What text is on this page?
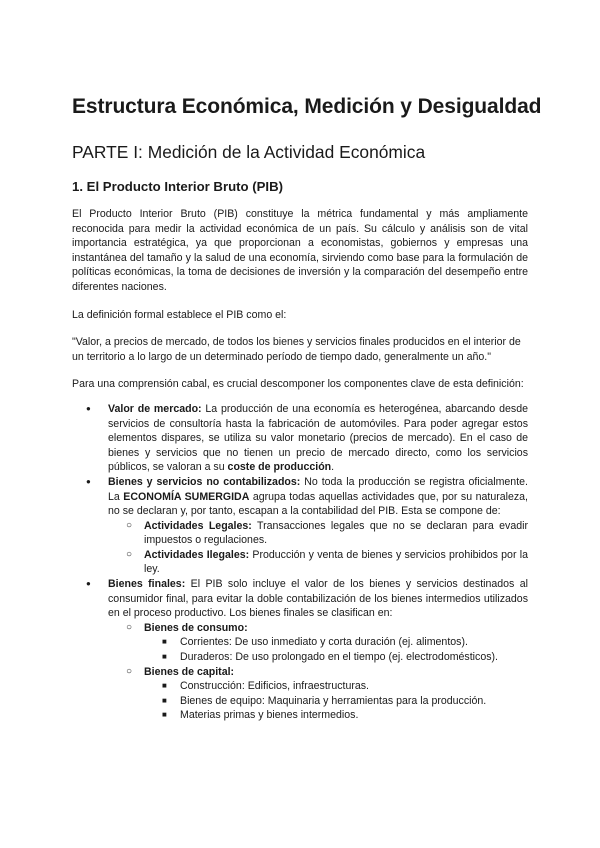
Estructura Económica, Medición y Desigualdad
PARTE I: Medición de la Actividad Económica
1. El Producto Interior Bruto (PIB)

El Producto Interior Bruto (PIB) constituye la métrica fundamental y más ampliamente reconocida para medir la actividad económica de un país. Su cálculo y análisis son de vital importancia estratégica, ya que proporcionan a economistas, gobiernos y empresas una instantánea del tamaño y la salud de una economía, sirviendo como base para la formulación de políticas económicas, la toma de decisiones de inversión y la comparación del desempeño entre diferentes naciones.

La definición formal establece el PIB como el:

"Valor, a precios de mercado, de todos los bienes y servicios finales producidos en el interior de un territorio a lo largo de un determinado período de tiempo dado, generalmente un año."

Para una comprensión cabal, es crucial descomponer los componentes clave de esta definición:

● Valor de mercado: La producción de una economía es heterogénea, abarcando desde servicios de consultoría hasta la fabricación de automóviles. Para poder agregar estos elementos dispares, se utiliza su valor monetario (precios de mercado). En el caso de bienes y servicios que no tienen un precio de mercado directo, como los servicios públicos, se valoran a su coste de producción.
● Bienes y servicios no contabilizados: No toda la producción se registra oficialmente. La ECONOMÍA SUMERGIDA agrupa todas aquellas actividades que, por su naturaleza, no se declaran y, por tanto, escapan a la contabilidad del PIB. Esta se compone de:
○ Actividades Legales: Transacciones legales que no se declaran para evadir impuestos o regulaciones.
○ Actividades Ilegales: Producción y venta de bienes y servicios prohibidos por la ley.
● Bienes finales: El PIB solo incluye el valor de los bienes y servicios destinados al consumidor final, para evitar la doble contabilización de los bienes intermedios utilizados en el proceso productivo. Los bienes finales se clasifican en:
○ Bienes de consumo:
■ Corrientes: De uso inmediato y corta duración (ej. alimentos).
■ Duraderos: De uso prolongado en el tiempo (ej. electrodomésticos).
○ Bienes de capital:
■ Construcción: Edificios, infraestructuras.
■ Bienes de equipo: Maquinaria y herramientas para la producción.
■ Materias primas y bienes intermedios.
